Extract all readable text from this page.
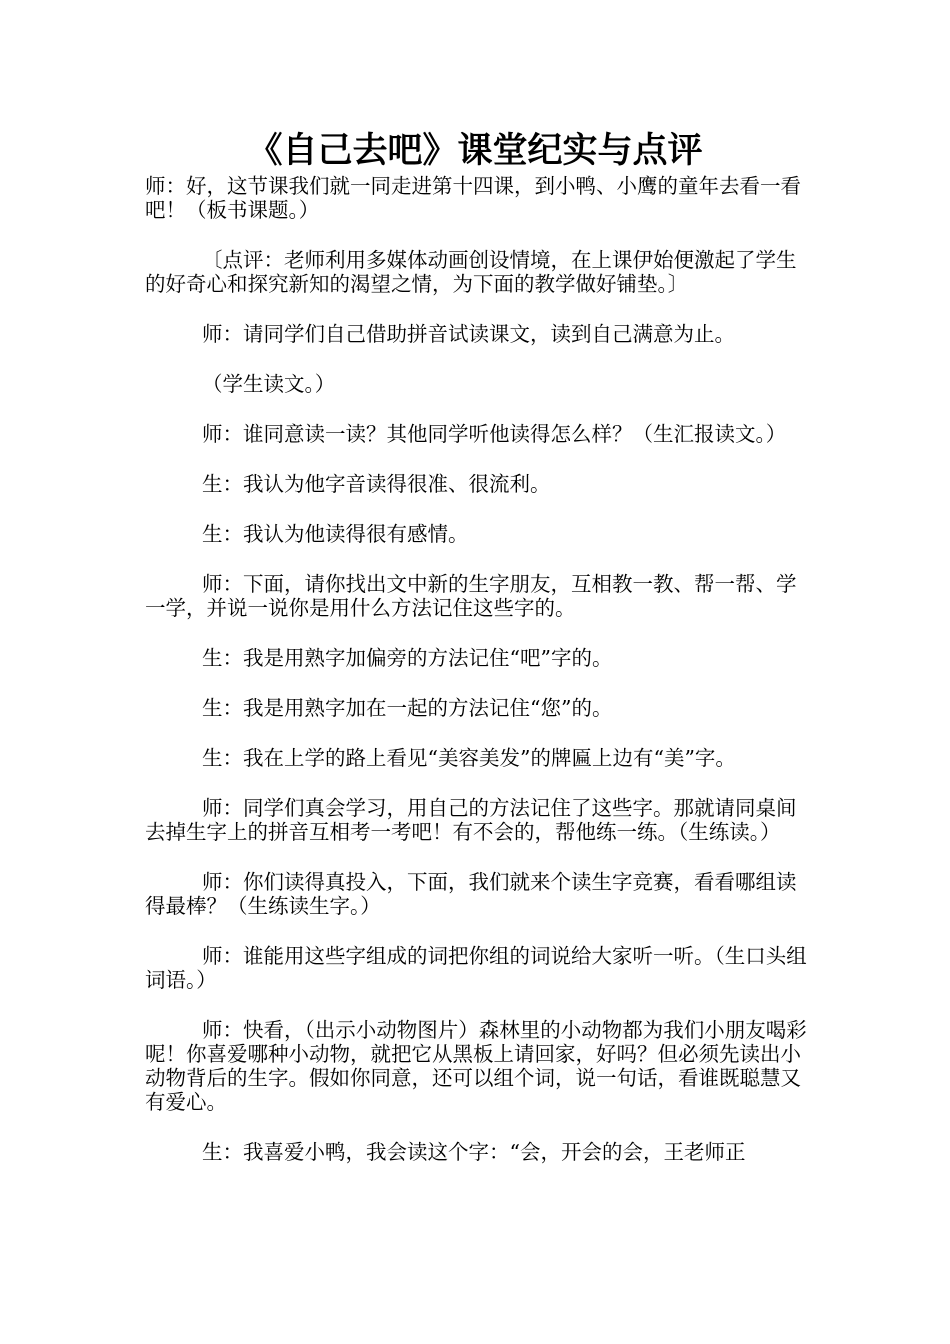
《自己去吧》课堂纪实与点评

师：好，这节课我们就一同走进第十四课，到小鸭、小鹰的童年去看一看吧！（板书课题。）

〔点评：老师利用多媒体动画创设情境，在上课伊始便激起了学生的好奇心和探究新知的渴望之情，为下面的教学做好铺垫。〕

师：请同学们自己借助拼音试读课文，读到自己满意为止。

（学生读文。）

师：谁同意读一读？其他同学听他读得怎么样？（生汇报读文。）

生：我认为他字音读得很准、很流利。

生：我认为他读得很有感情。

师：下面，请你找出文中新的生字朋友，互相教一教、帮一帮、学一学，并说一说你是用什么方法记住这些字的。

生：我是用熟字加偏旁的方法记住“吧”字的。

生：我是用熟字加在一起的方法记住“您”的。

生：我在上学的路上看见“美容美发”的牌匾上边有“美”字。

师：同学们真会学习，用自己的方法记住了这些字。那就请同桌间去掉生字上的拼音互相考一考吧！有不会的，帮他练一练。（生练读。）

师：你们读得真投入，下面，我们就来个读生字竞赛，看看哪组读得最棒？（生练读生字。）

师：谁能用这些字组成的词把你组的词说给大家听一听。（生口头组词语。）

师：快看，（出示小动物图片）森林里的小动物都为我们小朋友喝彩 呢！你喜爱哪种小动物，就把它从黑板上请回家，好吗？但必须先读出小动物背后的生字。假如你同意，还可以组个词，说一句话，看谁既聪慧又有爱心。

生：我喜爱小鸭，我会读这个字：“会，开会的会，王老师正
